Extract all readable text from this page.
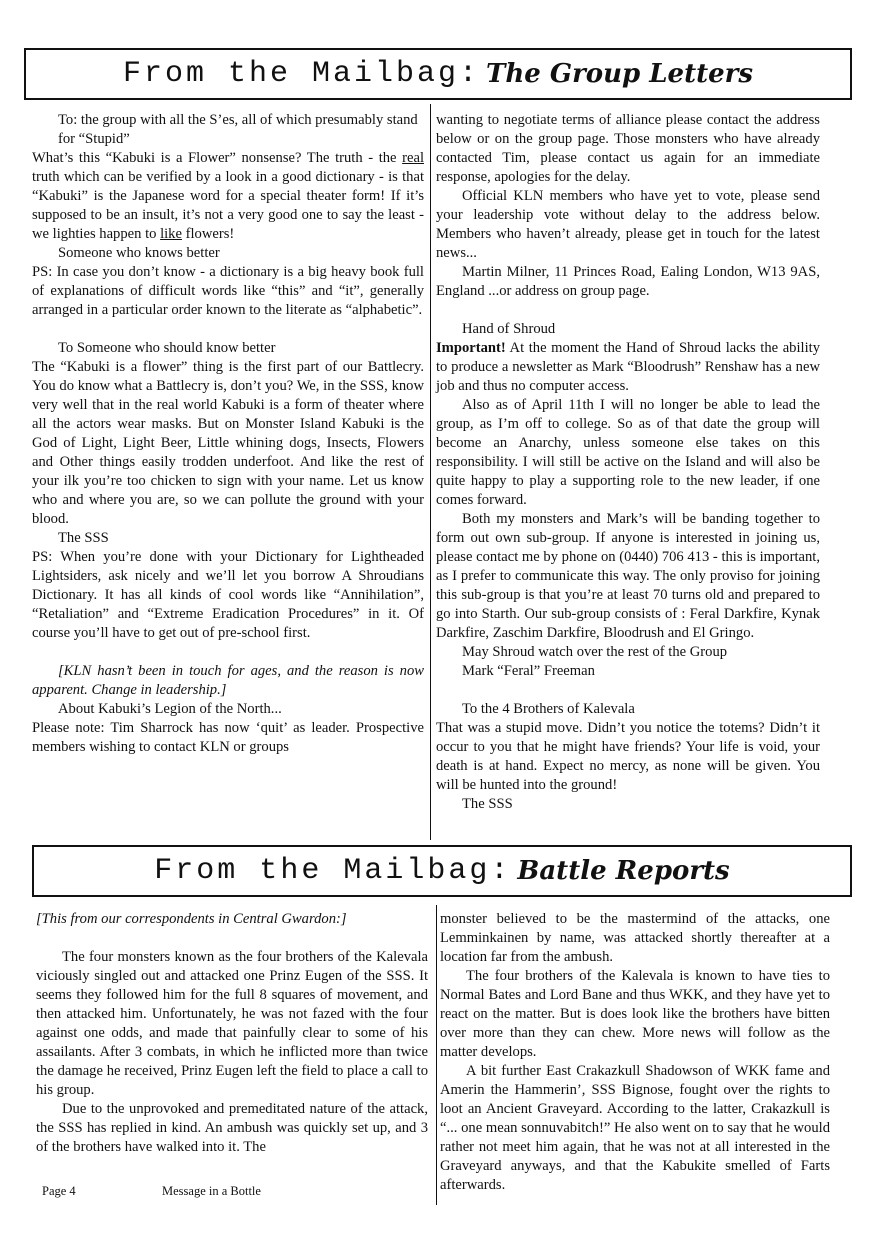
From the Mailbag: The Group Letters

To: the group with all the S’es, all of which presumably stand for “Stupid”

What’s this “Kabuki is a Flower” nonsense? The truth - the real truth which can be verified by a look in a good dictionary - is that “Kabuki” is the Japanese word for a special theater form! If it’s supposed to be an insult, it’s not a very good one to say the least - we lighties happen to like flowers!

Someone who knows better

PS: In case you don’t know - a dictionary is a big heavy book full of explanations of difficult words like “this” and “it”, generally arranged in a particular order known to the literate as “alphabetic”.

To Someone who should know better

The “Kabuki is a flower” thing is the first part of our Battlecry. You do know what a Battlecry is, don’t you? We, in the SSS, know very well that in the real world Kabuki is a form of theater where all the actors wear masks. But on Monster Island Kabuki is the God of Light, Light Beer, Little whining dogs, Insects, Flowers and Other things easily trodden underfoot. And like the rest of your ilk you’re too chicken to sign with your name. Let us know who and where you are, so we can pollute the ground with your blood.

The SSS

PS: When you’re done with your Dictionary for Lightheaded Lightsiders, ask nicely and we’ll let you borrow A Shroudians Dictionary. It has all kinds of cool words like “Annihilation”, “Retaliation” and “Extreme Eradication Procedures” in it. Of course you’ll have to get out of pre-school first.

[KLN hasn’t been in touch for ages, and the reason is now apparent. Change in leadership.]

About Kabuki’s Legion of the North...

Please note: Tim Sharrock has now ‘quit’ as leader. Prospective members wishing to contact KLN or groups

wanting to negotiate terms of alliance please contact the address below or on the group page. Those monsters who have already contacted Tim, please contact us again for an immediate response, apologies for the delay.

Official KLN members who have yet to vote, please send your leadership vote without delay to the address below. Members who haven’t already, please get in touch for the latest news...

Martin Milner, 11 Princes Road, Ealing London, W13 9AS, England ...or address on group page.

Hand of Shroud

Important! At the moment the Hand of Shroud lacks the ability to produce a newsletter as Mark “Bloodrush” Renshaw has a new job and thus no computer access.

Also as of April 11th I will no longer be able to lead the group, as I’m off to college. So as of that date the group will become an Anarchy, unless someone else takes on this responsibility. I will still be active on the Island and will also be quite happy to play a supporting role to the new leader, if one comes forward.

Both my monsters and Mark’s will be banding together to form out own sub-group. If anyone is interested in joining us, please contact me by phone on (0440) 706 413 - this is important, as I prefer to communicate this way. The only proviso for joining this sub-group is that you’re at least 70 turns old and prepared to go into Starth. Our sub-group consists of : Feral Darkfire, Kynak Darkfire, Zaschim Darkfire, Bloodrush and El Gringo.

May Shroud watch over the rest of the Group

Mark “Feral” Freeman

To the 4 Brothers of Kalevala

That was a stupid move. Didn’t you notice the totems? Didn’t it occur to you that he might have friends? Your life is void, your death is at hand. Expect no mercy, as none will be given. You will be hunted into the ground!

The SSS

From the Mailbag: Battle Reports

[This from our correspondents in Central Gwardon:]

The four monsters known as the four brothers of the Kalevala viciously singled out and attacked one Prinz Eugen of the SSS. It seems they followed him for the full 8 squares of movement, and then attacked him. Unfortunately, he was not fazed with the four against one odds, and made that painfully clear to some of his assailants. After 3 combats, in which he inflicted more than twice the damage he received, Prinz Eugen left the field to place a call to his group.

Due to the unprovoked and premeditated nature of the attack, the SSS has replied in kind. An ambush was quickly set up, and 3 of the brothers have walked into it. The

monster believed to be the mastermind of the attacks, one Lemminkainen by name, was attacked shortly thereafter at a location far from the ambush.

The four brothers of the Kalevala is known to have ties to Normal Bates and Lord Bane and thus WKK, and they have yet to react on the matter. But is does look like the brothers have bitten over more than they can chew. More news will follow as the matter develops.

A bit further East Crakazkull Shadowson of WKK fame and Amerin the Hammerin’, SSS Bignose, fought over the rights to loot an Ancient Graveyard. According to the latter, Crakazkull is “... one mean sonnuvabitch!” He also went on to say that he would rather not meet him again, that he was not at all interested in the Graveyard anyways, and that the Kabukite smelled of Farts afterwards.

Page 4	Message in a Bottle
